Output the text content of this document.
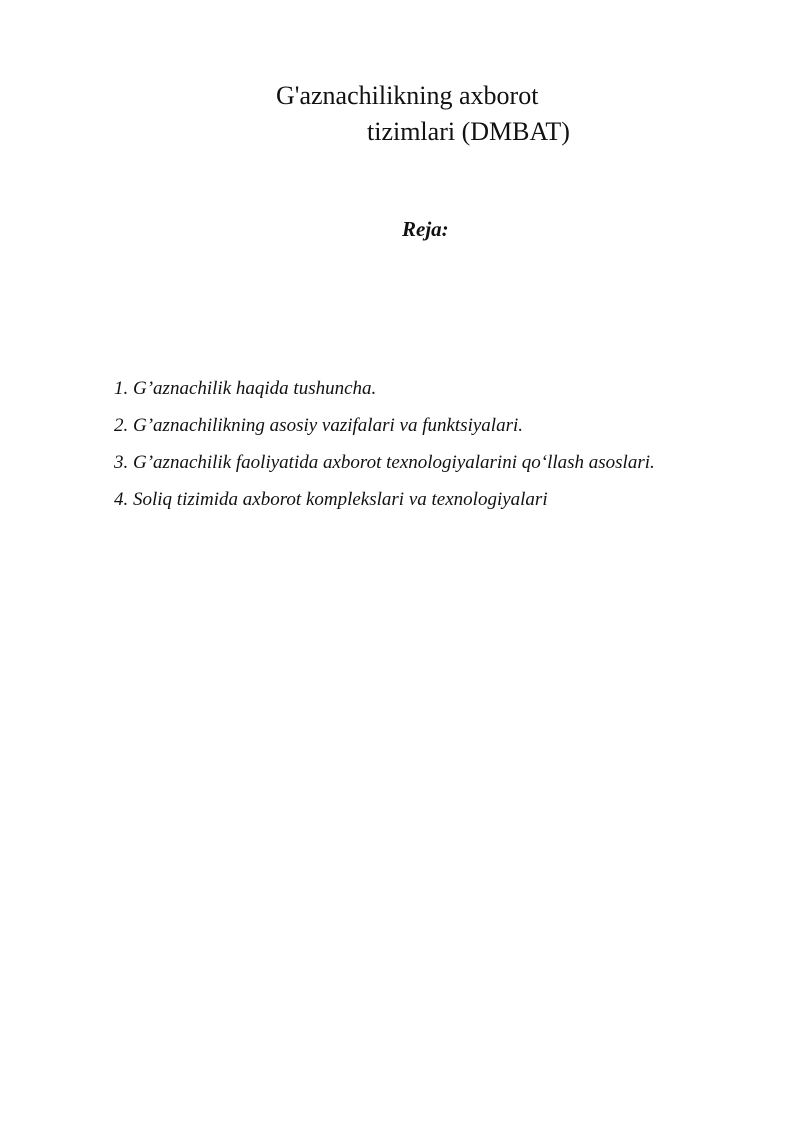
G'aznachilikning axborot
tizimlari (DMBAT)
Reja:
1. G’aznachilik haqida tushuncha.
2. G’aznachilikning asosiy vazifalari va funktsiyalari.
3. G’aznachilik faoliyatida axborot texnologiyalarini qo‘llash asoslari.
4. Soliq tizimida axborot komplekslari va texnologiyalari
